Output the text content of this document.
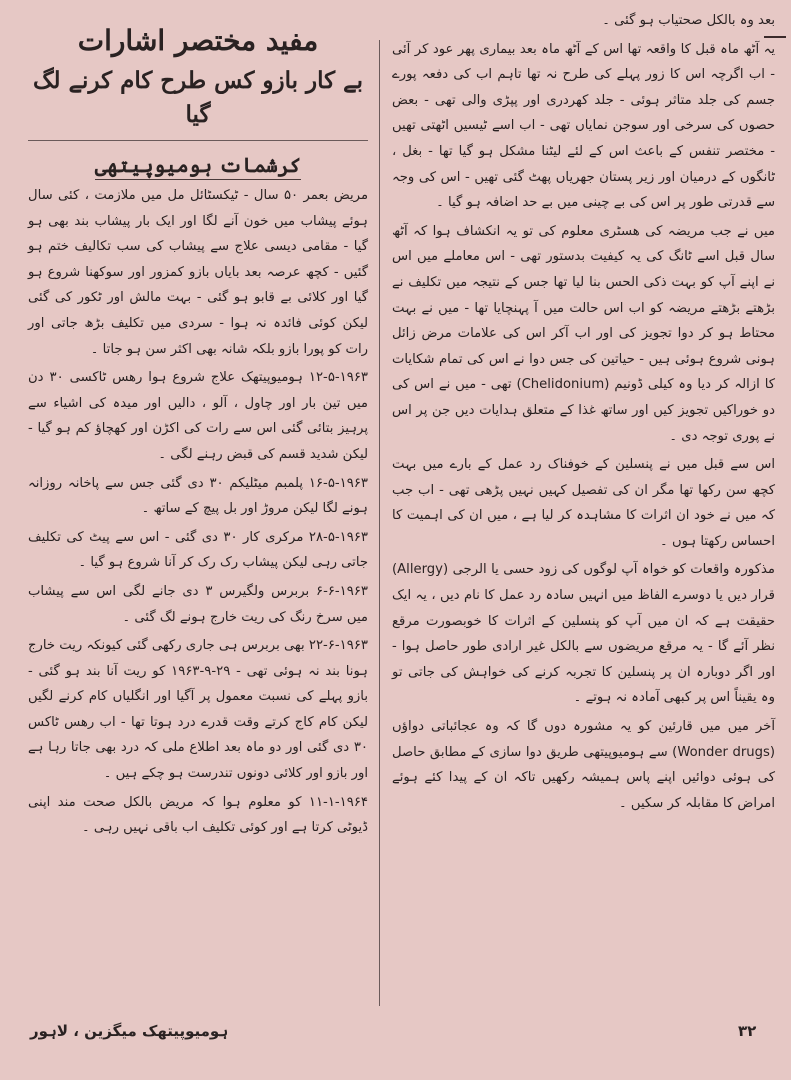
بعد وہ بالکل صحتیاب ہو گئی ۔

یہ آٹھ ماہ قبل کا واقعہ تھا اس کے آٹھ ماہ بعد بیماری پھر عود کر آئی - اب اگرچہ اس کا زور پہلے کی طرح نہ تھا تاہم اب کی دفعہ پورے جسم کی جلد متاثر ہوئی - جلد کھردری اور پپڑی والی تھی - بعض حصوں کی سرخی اور سوجن نمایاں تھی - اب اسے ٹیسیں اٹھتی تھیں - مختصر تنفس کے باعث اس کے لئے لیٹنا مشکل ہو گیا تھا - بغل ، ٹانگوں کے درمیان اور زیر پستان جھریاں پھٹ گئی تھیں - اس کی وجہ سے قدرتی طور پر اس کی بے چینی میں بے حد اضافہ ہو گیا ۔

میں نے جب مریضہ کی ھسٹری معلوم کی تو یہ انکشاف ہوا کہ آٹھ سال قبل اسے ٹانگ کی یہ کیفیت بدستور تھی - اس معاملے میں اس نے اپنے آپ کو بہت ذکی الحس بنا لیا تھا جس کے نتیجہ میں تکلیف نے بڑھتے بڑھتے مریضہ کو اب اس حالت میں آ پہنچایا تھا - میں نے بہت محتاط ہو کر دوا تجویز کی اور اب آکر اس کی علامات مرض زائل ہونی شروع ہوئی ہیں - حیاتین کی جس دوا نے اس کی تمام شکایات کا ازالہ کر دیا وہ کیلی ڈونیم (Chelidonium) تھی - میں نے اس کی دو خوراکیں تجویز کیں اور ساتھ غذا کے متعلق ہدایات دیں جن پر اس نے پوری توجہ دی ۔

اس سے قبل میں نے پنسلین کے خوفناک رد عمل کے بارے میں بہت کچھ سن رکھا تھا مگر ان کی تفصیل کہیں نہیں پڑھی تھی - اب جب کہ میں نے خود ان اثرات کا مشاہدہ کر لیا ہے ، میں ان کی اہمیت کا احساس رکھتا ہوں ۔

مذکورہ واقعات کو خواہ آپ لوگوں کی زود حسی یا الرجی (Allergy) قرار دیں یا دوسرے الفاظ میں انہیں سادہ رد عمل کا نام دیں ، یہ ایک حقیقت ہے کہ ان میں آپ کو پنسلین کے اثرات کا خوبصورت مرقع نظر آئے گا - یہ مرقع مریضوں سے بالکل غیر ارادی طور حاصل ہوا - اور اگر دوبارہ ان پر پنسلین کا تجربہ کرنے کی خواہش کی جاتی تو وہ یقیناً اس پر کبھی آمادہ نہ ہوتے ۔

آخر میں میں قارئین کو یہ مشورہ دوں گا کہ وہ عجائباتی دواؤں (Wonder drugs) سے ہومیوپیتھی طریق دوا سازی کے مطابق حاصل کی ہوئی دوائیں اپنے پاس ہمیشہ رکھیں تاکہ ان کے پیدا کئے ہوئے امراض کا مقابلہ کر سکیں ۔

مفید مختصر اشارات
بے کار بازو کس طرح کام کرنے لگ گیا
کرشمات ہومیوپیتھی

مریض بعمر ۵۰ سال - ٹیکسٹائل مل میں ملازمت ، کئی سال ہوئے پیشاب میں خون آنے لگا اور ایک بار پیشاب بند بھی ہو گیا - مقامی دیسی علاج سے پیشاب کی سب تکالیف ختم ہو گئیں - کچھ عرصہ بعد بایاں بازو کمزور اور سوکھنا شروع ہو گیا اور کلائی بے قابو ہو گئی - بہت مالش اور ٹکور کی گئی لیکن کوئی فائدہ نہ ہوا - سردی میں تکلیف بڑھ جاتی اور رات کو پورا بازو بلکہ شانہ بھی اکثر سن ہو جاتا ۔

۱۲-۵-۱۹۶۳ ہومیوپیتھک علاج شروع ہوا رھس ٹاکسی ۳۰ دن میں تین بار اور چاول ، آلو ، دالیں اور میدہ کی اشیاء سے پرہیز بتائی گئی اس سے رات کی اکڑن اور کھچاؤ کم ہو گیا - لیکن شدید قسم کی قبض رہنے لگی ۔

۱۶-۵-۱۹۶۳ پلمبم میٹلیکم ۳۰ دی گئی جس سے پاخانہ روزانہ ہونے لگا لیکن مروڑ اور بل پیچ کے ساتھ ۔

۲۸-۵-۱۹۶۳ مرکری کار ۳۰ دی گئی - اس سے پیٹ کی تکلیف جاتی رہی لیکن پیشاب رک رک کر آنا شروع ہو گیا ۔

۶-۶-۱۹۶۳ بربرس ولگیرس ۳ دی جانے لگی اس سے پیشاب میں سرخ رنگ کی ریت خارج ہونے لگ گئی ۔

۲۲-۶-۱۹۶۳ بھی بربرس ہی جاری رکھی گئی کیونکہ ریت خارج ہونا بند نہ ہوئی تھی - ۲۹-۹-۱۹۶۳ کو ریت آنا بند ہو گئی - بازو پہلے کی نسبت معمول پر آگیا اور انگلیاں کام کرنے لگیں لیکن کام کاج کرتے وقت قدرے درد ہوتا تھا - اب رھس ٹاکس ۳۰ دی گئی اور دو ماہ بعد اطلاع ملی کہ درد بھی جاتا رہا ہے اور بازو اور کلائی دونوں تندرست ہو چکے ہیں ۔

۱۱-۱-۱۹۶۴ کو معلوم ہوا کہ مریض بالکل صحت مند اپنی ڈیوٹی کرتا ہے اور کوئی تکلیف اب باقی نہیں رہی ۔

ہومیوپیتھک میگزین ، لاہور	۳۲
